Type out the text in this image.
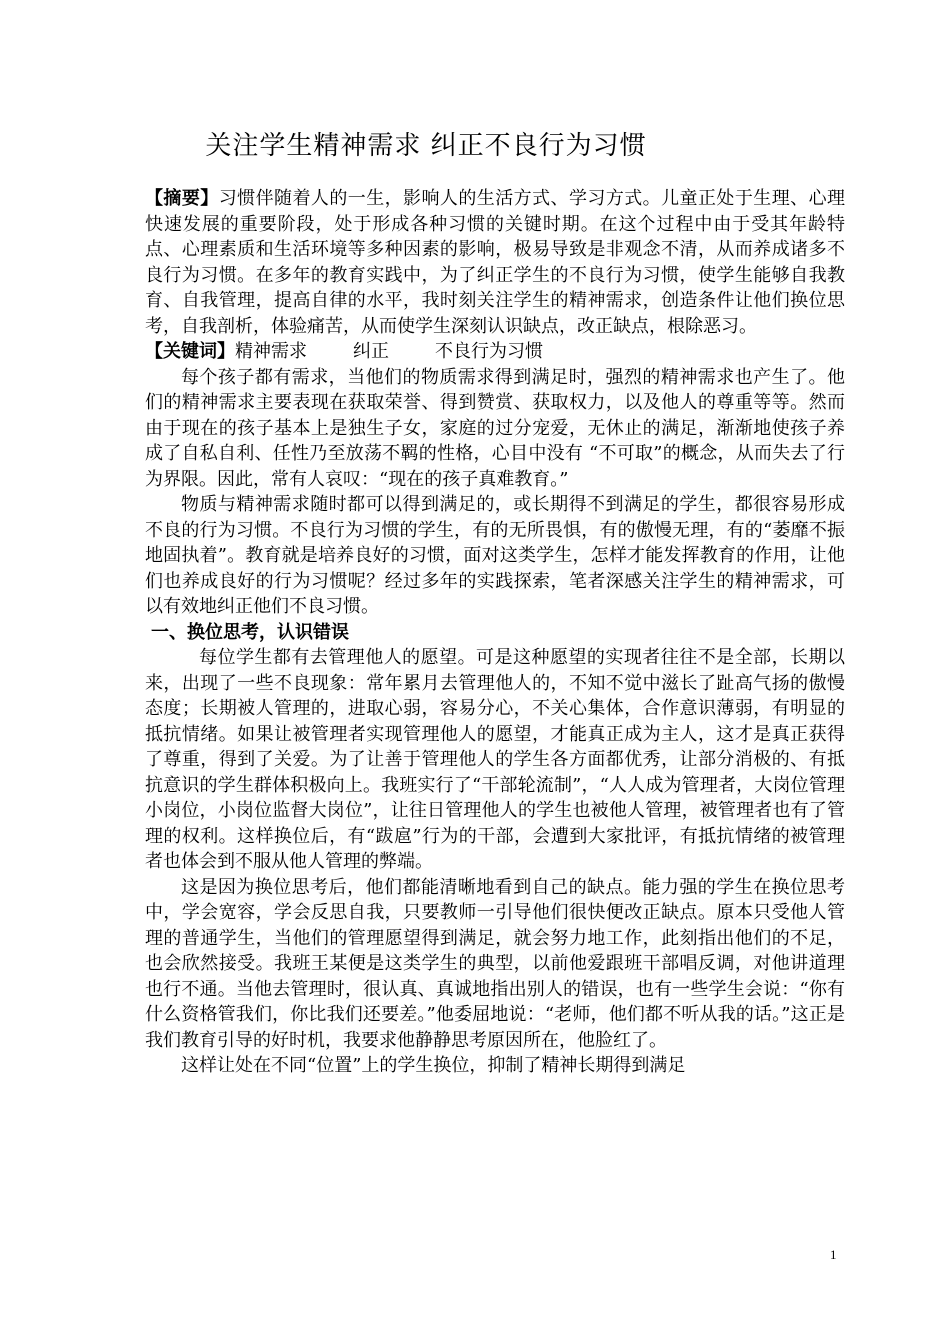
关注学生精神需求 纠正不良行为习惯

【摘要】习惯伴随着人的一生，影响人的生活方式、学习方式。儿童正处于生理、心理快速发展的重要阶段，处于形成各种习惯的关键时期。在这个过程中由于受其年龄特点、心理素质和生活环境等多种因素的影响，极易导致是非观念不清，从而养成诸多不良行为习惯。在多年的教育实践中，为了纠正学生的不良行为习惯，使学生能够自我教育、自我管理，提高自律的水平，我时刻关注学生的精神需求，创造条件让他们换位思考，自我剖析，体验痛苦，从而使学生深刻认识缺点，改正缺点，根除恶习。

【关键词】精神需求	纠正	不良行为习惯

每个孩子都有需求，当他们的物质需求得到满足时，强烈的精神需求也产生了。他们的精神需求主要表现在获取荣誉、得到赞赏、获取权力，以及他人的尊重等等。然而由于现在的孩子基本上是独生子女，家庭的过分宠爱，无休止的满足，渐渐地使孩子养成了自私自利、任性乃至放荡不羁的性格，心目中没有 “不可取”的概念，从而失去了行为界限。因此，常有人哀叹：“现在的孩子真难教育。”

物质与精神需求随时都可以得到满足的，或长期得不到满足的学生，都很容易形成不良的行为习惯。不良行为习惯的学生，有的无所畏惧，有的傲慢无理，有的“萎靡不振地固执着”。教育就是培养良好的习惯，面对这类学生，怎样才能发挥教育的作用，让他们也养成良好的行为习惯呢？经过多年的实践探索，笔者深感关注学生的精神需求，可以有效地纠正他们不良习惯。

一、换位思考，认识错误

每位学生都有去管理他人的愿望。可是这种愿望的实现者往往不是全部，长期以来，出现了一些不良现象：常年累月去管理他人的，不知不觉中滋长了趾高气扬的傲慢态度；长期被人管理的，进取心弱，容易分心，不关心集体，合作意识薄弱，有明显的抵抗情绪。如果让被管理者实现管理他人的愿望，才能真正成为主人，这才是真正获得了尊重，得到了关爱。为了让善于管理他人的学生各方面都优秀，让部分消极的、有抵抗意识的学生群体积极向上。我班实行了“干部轮流制”，“人人成为管理者，大岗位管理小岗位，小岗位监督大岗位”，让往日管理他人的学生也被他人管理，被管理者也有了管理的权利。这样换位后，有“跋扈”行为的干部，会遭到大家批评，有抵抗情绪的被管理者也体会到不服从他人管理的弊端。

这是因为换位思考后，他们都能清晰地看到自己的缺点。能力强的学生在换位思考中，学会宽容，学会反思自我，只要教师一引导他们很快便改正缺点。原本只受他人管理的普通学生，当他们的管理愿望得到满足，就会努力地工作，此刻指出他们的不足，也会欣然接受。我班王某便是这类学生的典型，以前他爱跟班干部唱反调，对他讲道理也行不通。当他去管理时，很认真、真诚地指出别人的错误，也有一些学生会说：“你有什么资格管我们，你比我们还要差。”他委屈地说：“老师，他们都不听从我的话。”这正是我们教育引导的好时机，我要求他静静思考原因所在，他脸红了。

这样让处在不同“位置”上的学生换位，抑制了精神长期得到满足

1
